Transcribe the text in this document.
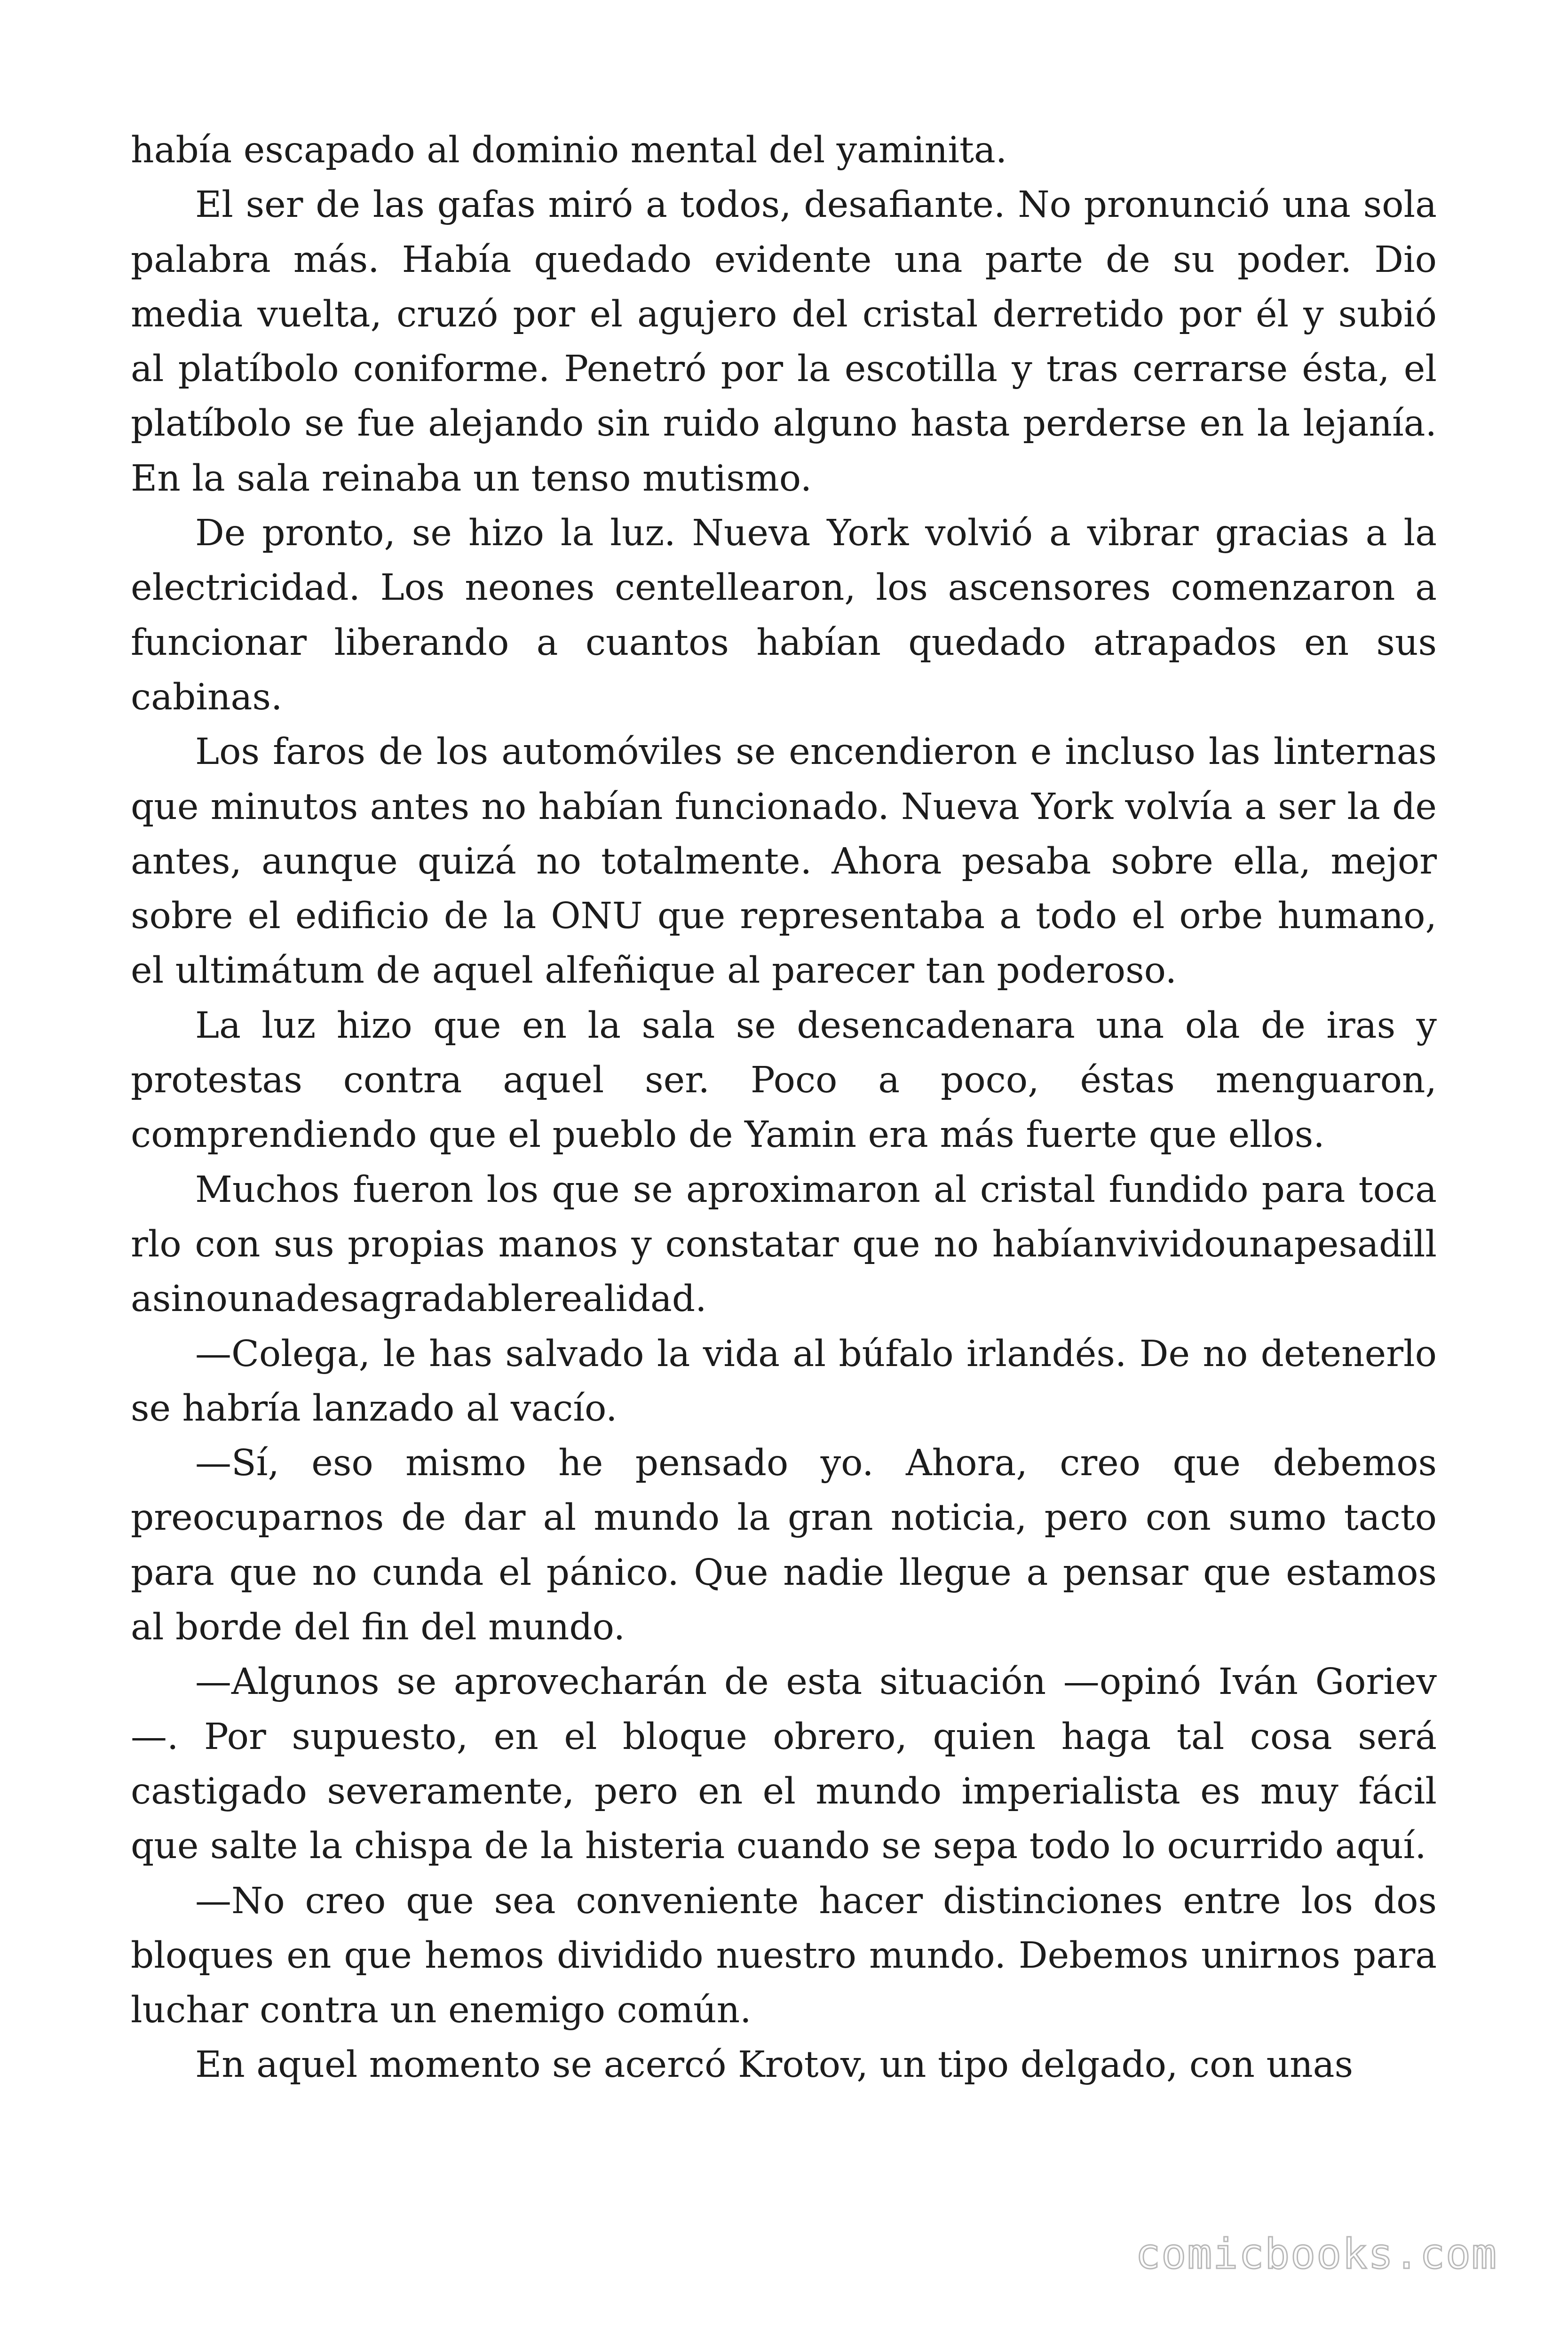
había escapado al dominio mental del yaminita.

El ser de las gafas miró a todos, desafiante. No pronunció una sola palabra más. Había quedado evidente una parte de su poder. Dio media vuelta, cruzó por el agujero del cristal derretido por él y subió al platíbolo coniforme. Penetró por la escotilla y tras cerrarse ésta, el platíbolo se fue alejando sin ruido alguno hasta perderse en la lejanía. En la sala reinaba un tenso mutismo.

De pronto, se hizo la luz. Nueva York volvió a vibrar gracias a la electricidad. Los neones centellearon, los ascensores comenzaron a funcionar liberando a cuantos habían quedado atrapados en sus cabinas.

Los faros de los automóviles se encendieron e incluso las linternas que minutos antes no habían funcionado. Nueva York volvía a ser la de antes, aunque quizá no totalmente. Ahora pesaba sobre ella, mejor sobre el edificio de la ONU que representaba a todo el orbe humano, el ultimátum de aquel alfeñique al parecer tan poderoso.

La luz hizo que en la sala se desencadenara una ola de iras y protestas contra aquel ser. Poco a poco, éstas menguaron, comprendiendo que el pueblo de Yamin era más fuerte que ellos.

Muchos fueron los que se aproximaron al cristal fundido para tocarlo con sus propias manos y constatar que no habíanvividounapesadillasinounadesagradablerealidad.

—Colega, le has salvado la vida al búfalo irlandés. De no detenerlo se habría lanzado al vacío.

—Sí, eso mismo he pensado yo. Ahora, creo que debemos preocuparnos de dar al mundo la gran noticia, pero con sumo tacto para que no cunda el pánico. Que nadie llegue a pensar que estamos al borde del fin del mundo.

—Algunos se aprovecharán de esta situación —opinó Iván Goriev—. Por supuesto, en el bloque obrero, quien haga tal cosa será castigado severamente, pero en el mundo imperialista es muy fácil que salte la chispa de la histeria cuando se sepa todo lo ocurrido aquí.

—No creo que sea conveniente hacer distinciones entre los dos bloques en que hemos dividido nuestro mundo. Debemos unirnos para luchar contra un enemigo común.

En aquel momento se acercó Krotov, un tipo delgado, con unas

comicbooks.com
